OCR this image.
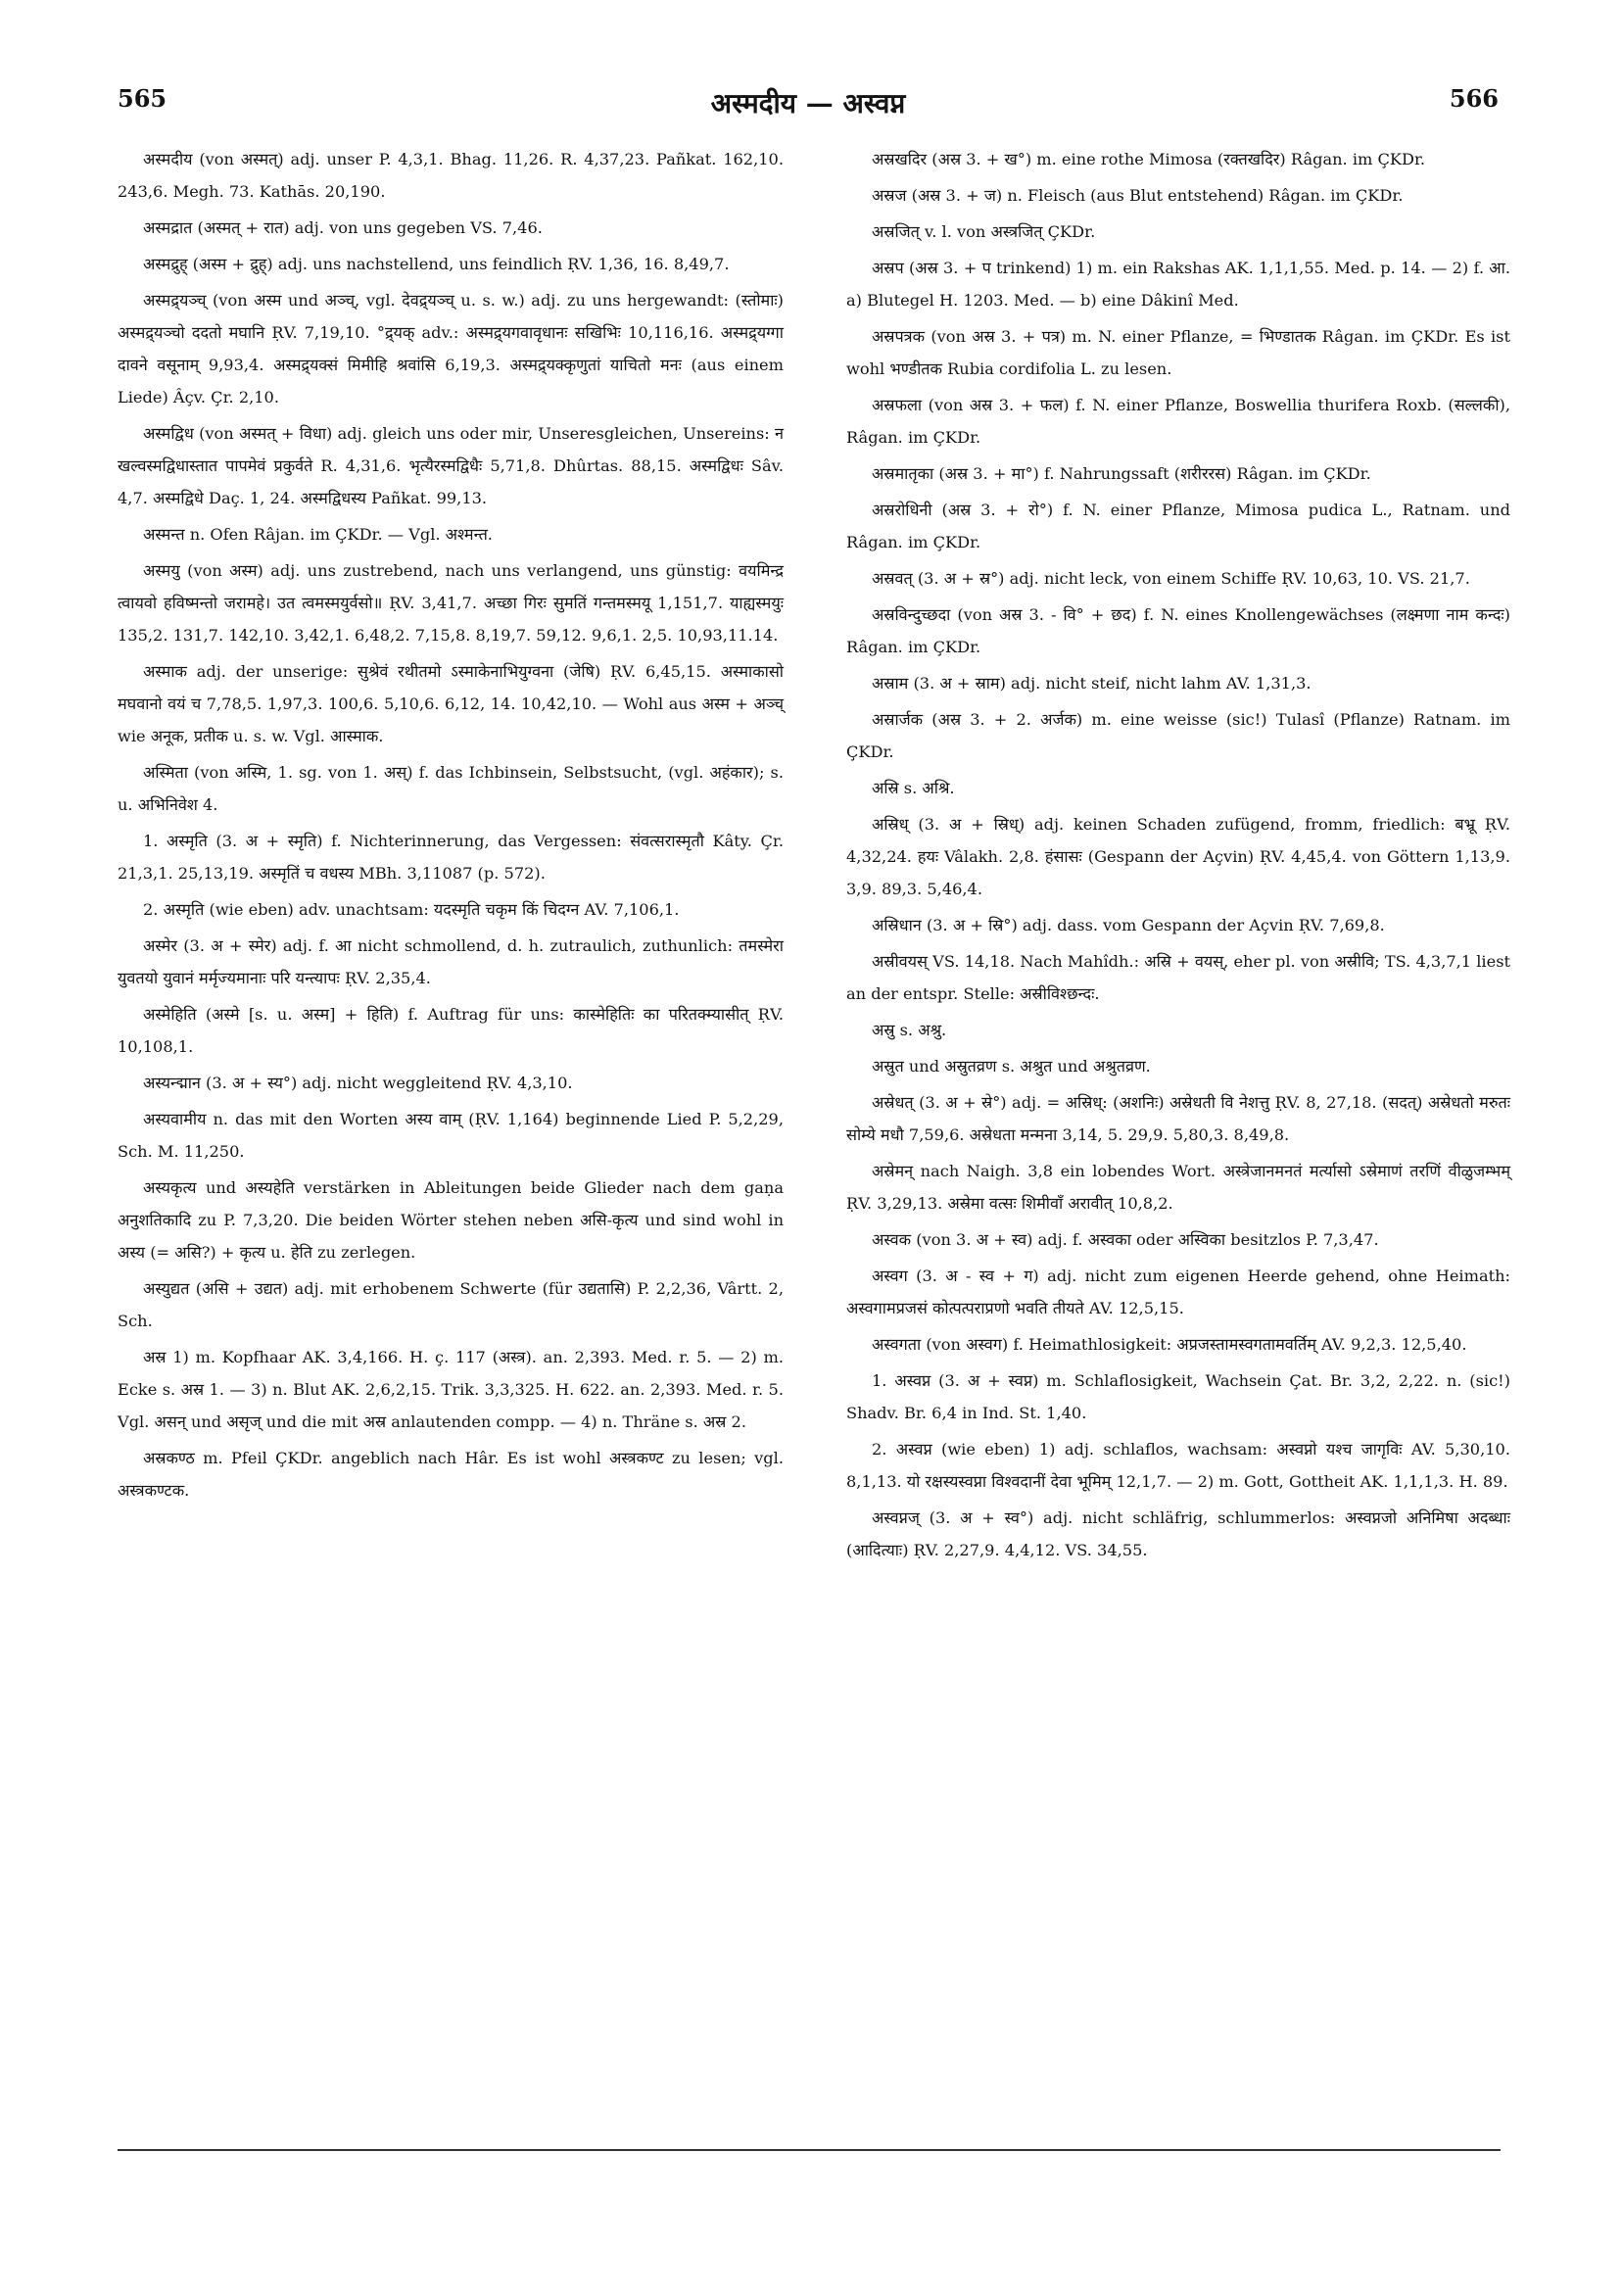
565	अस्मदीय — अस्वप्न	566

अस्मदीय (von अस्मत्) adj. unser P. 4,3,1. Bhag. 11,26. R. 4,37,23. Pañkat. 162,10. 243,6. Megh. 73. Kathās. 20,190.

अस्मद्रात (अस्मत् + रात) adj. von uns gegeben VS. 7,46.

अस्मद्रुह् (अस्म + द्रुह्) adj. uns nachstellend, uns feindlich ṚV. 1,36, 16. 8,49,7.

अस्मद्र्यञ्च् (von अस्म und अञ्च्, vgl. देवद्र्यञ्च् u. s. w.) adj. zu uns hergewandt: (स्तोमाः) अस्मद्र्यञ्चो ददतो मघानि ṚV. 7,19,10. °द्र्यक् adv.: अस्मद्र्यगवावृधानः सखिभिः 10,116,16. अस्मद्र्यग्गा दावने वसूनाम् 9,93,4. अस्मद्र्यक्सं मिमीहि श्रवांसि 6,19,3. अस्मद्र्यक्कृणुतां याचितो मनः (aus einem Liede) Âçv. Çr. 2,10.

अस्मद्विध (von अस्मत् + विधा) adj. gleich uns oder mir, Unseresgleichen, Unsereins: न खल्वस्मद्विधास्तात पापमेवं प्रकुर्वते R. 4,31,6. भृत्यैरस्मद्विधैः 5,71,8. Dhûrtas. 88,15. अस्मद्विधः Sâv. 4,7. अस्मद्विधे Daç. 1, 24. अस्मद्विधस्य Pañkat. 99,13.

अस्मन्त n. Ofen Râjan. im ÇKDr. — Vgl. अश्मन्त.

अस्मयु (von अस्म) adj. uns zustrebend, nach uns verlangend, uns günstig: वयमिन्द्र त्वायवो हविष्मन्तो जरामहे। उत त्वमस्मयुर्वसो॥ ṚV. 3,41,7. अच्छा गिरः सुमतिं गन्तमस्मयू 1,151,7. याह्यस्मयुः 135,2. 131,7. 142,10. 3,42,1. 6,48,2. 7,15,8. 8,19,7. 59,12. 9,6,1. 2,5. 10,93,11.14.

अस्माक adj. der unserige: सुश्रेवं रथीतमो ऽस्माकेनाभियुग्वना (जेषि) ṚV. 6,45,15. अस्माकासो मघवानो वयं च 7,78,5. 1,97,3. 100,6. 5,10,6. 6,12, 14. 10,42,10. — Wohl aus अस्म + अञ्च् wie अनूक, प्रतीक u. s. w. Vgl. आस्माक.

अस्मिता (von अस्मि, 1. sg. von 1. अस्) f. das Ichbinsein, Selbstsucht, (vgl. अहंकार); s. u. अभिनिवेश 4.

1. अस्मृति (3. अ + स्मृति) f. Nichterinnerung, das Vergessen: संवत्सरास्मृतौ Kâty. Çr. 21,3,1. 25,13,19. अस्मृतिं च वधस्य MBh. 3,11087 (p. 572).

2. अस्मृति (wie eben) adv. unachtsam: यदस्मृति चकृम किं चिदग्न AV. 7,106,1.

अस्मेर (3. अ + स्मेर) adj. f. आ nicht schmollend, d. h. zutraulich, zuthunlich: तमस्मेरा युवतयो युवानं मर्मृज्यमानाः परि यन्त्यापः ṚV. 2,35,4.

अस्मेहिति (अस्मे [s. u. अस्म] + हिति) f. Auftrag für uns: कास्मेहितिः का परितक्म्यासीत् ṚV. 10,108,1.

अस्यन्द्मान (3. अ + स्य°) adj. nicht weggleitend ṚV. 4,3,10.

अस्यवामीय n. das mit den Worten अस्य वाम् (ṚV. 1,164) beginnende Lied P. 5,2,29, Sch. M. 11,250.

अस्यकृत्य und अस्यहेति verstärken in Ableitungen beide Glieder nach dem gaṇa अनुशतिकादि zu P. 7,3,20. Die beiden Wörter stehen neben असि-कृत्य und sind wohl in अस्य (= असि?) + कृत्य u. हेति zu zerlegen.

अस्युद्यत (असि + उद्यत) adj. mit erhobenem Schwerte (für उद्यतासि) P. 2,2,36, Vârtt. 2, Sch.

अस्र 1) m. Kopfhaar AK. 3,4,166. H. ç. 117 (अस्त्र). an. 2,393. Med. r. 5. — 2) m. Ecke s. अस्र 1. — 3) n. Blut AK. 2,6,2,15. Trik. 3,3,325. H. 622. an. 2,393. Med. r. 5. Vgl. असन् und असृज् und die mit अस्र anlautenden compp. — 4) n. Thräne s. अस्र 2.

अस्रकण्ठ m. Pfeil ÇKDr. angeblich nach Hâr. Es ist wohl अस्त्रकण्ट zu lesen; vgl. अस्त्रकण्टक.

अस्रखदिर (अस्र 3. + ख°) m. eine rothe Mimosa (रक्तखदिर) Râgan. im ÇKDr.

अस्रज (अस्र 3. + ज) n. Fleisch (aus Blut entstehend) Râgan. im ÇKDr.

अस्रजित् v. l. von अस्त्रजित् ÇKDr.

अस्रप (अस्र 3. + प trinkend) 1) m. ein Rakshas AK. 1,1,1,55. Med. p. 14. — 2) f. आ. a) Blutegel H. 1203. Med. — b) eine Dâkinî Med.

अस्रपत्रक (von अस्र 3. + पत्र) m. N. einer Pflanze, = भिण्डातक Râgan. im ÇKDr. Es ist wohl भण्डीतक Rubia cordifolia L. zu lesen.

अस्रफला (von अस्र 3. + फल) f. N. einer Pflanze, Boswellia thurifera Roxb. (सल्लकी), Râgan. im ÇKDr.

अस्रमातृका (अस्र 3. + मा°) f. Nahrungssaft (शरीररस) Râgan. im ÇKDr.

अस्ररोधिनी (अस्र 3. + रो°) f. N. einer Pflanze, Mimosa pudica L., Ratnam. und Râgan. im ÇKDr.

अस्रवत् (3. अ + स्र°) adj. nicht leck, von einem Schiffe ṚV. 10,63, 10. VS. 21,7.

अस्रविन्दुच्छदा (von अस्र 3. - वि° + छद) f. N. eines Knollengewächses (लक्ष्मणा नाम कन्दः) Râgan. im ÇKDr.

अस्राम (3. अ + स्राम) adj. nicht steif, nicht lahm AV. 1,31,3.

अस्रार्जक (अस्र 3. + 2. अर्जक) m. eine weisse (sic!) Tulasî (Pflanze) Ratnam. im ÇKDr.

अस्रि s. अश्रि.

अस्रिध् (3. अ + स्रिध्) adj. keinen Schaden zufügend, fromm, friedlich: बभ्रू ṚV. 4,32,24. हयः Vâlakh. 2,8. हंसासः (Gespann der Açvin) ṚV. 4,45,4. von Göttern 1,13,9. 3,9. 89,3. 5,46,4.

अस्रिधान (3. अ + स्रि°) adj. dass. vom Gespann der Açvin ṚV. 7,69,8.

अस्रीवयस् VS. 14,18. Nach Mahîdh.: अस्रि + वयस्, eher pl. von अस्रीवि; TS. 4,3,7,1 liest an der entspr. Stelle: अस्रीविश्छन्दः.

अस्रु s. अश्रु.

अस्रुत und अस्रुतव्रण s. अश्रुत und अश्रुतव्रण.

अस्रेधत् (3. अ + स्रे°) adj. = अस्रिध्: (अशनिः) अस्रेधती वि नेशत्तु ṚV. 8, 27,18. (सदत्) अस्रेधतो मरुतः सोम्ये मधौ 7,59,6. अस्रेधता मन्मना 3,14, 5. 29,9. 5,80,3. 8,49,8.

अस्रेमन् nach Naigh. 3,8 ein lobendes Wort. अस्त्रेजानमनतं मर्त्यासो ऽस्रेमाणं तरणिं वीळुजम्भम् ṚV. 3,29,13. अस्रेमा वत्सः शिमीवाँ अरावीत् 10,8,2.

अस्वक (von 3. अ + स्व) adj. f. अस्वका oder अस्विका besitzlos P. 7,3,47.

अस्वग (3. अ - स्व + ग) adj. nicht zum eigenen Heerde gehend, ohne Heimath: अस्वगामप्रजसं कोत्पत्पराप्रणो भवति तीयते AV. 12,5,15.

अस्वगता (von अस्वग) f. Heimathlosigkeit: अप्रजस्तामस्वगतामवर्तिम् AV. 9,2,3. 12,5,40.

1. अस्वप्न (3. अ + स्वप्न) m. Schlaflosigkeit, Wachsein Çat. Br. 3,2, 2,22. n. (sic!) Shadv. Br. 6,4 in Ind. St. 1,40.

2. अस्वप्न (wie eben) 1) adj. schlaflos, wachsam: अस्वप्नो यश्च जागृविः AV. 5,30,10. 8,1,13. यो रक्षस्यस्वप्ना विश्वदानीं देवा भूमिम् 12,1,7. — 2) m. Gott, Gottheit AK. 1,1,1,3. H. 89.

अस्वप्नज् (3. अ + स्व°) adj. nicht schläfrig, schlummerlos: अस्वप्नजो अनिमिषा अदब्धाः (आदित्याः) ṚV. 2,27,9. 4,4,12. VS. 34,55.
